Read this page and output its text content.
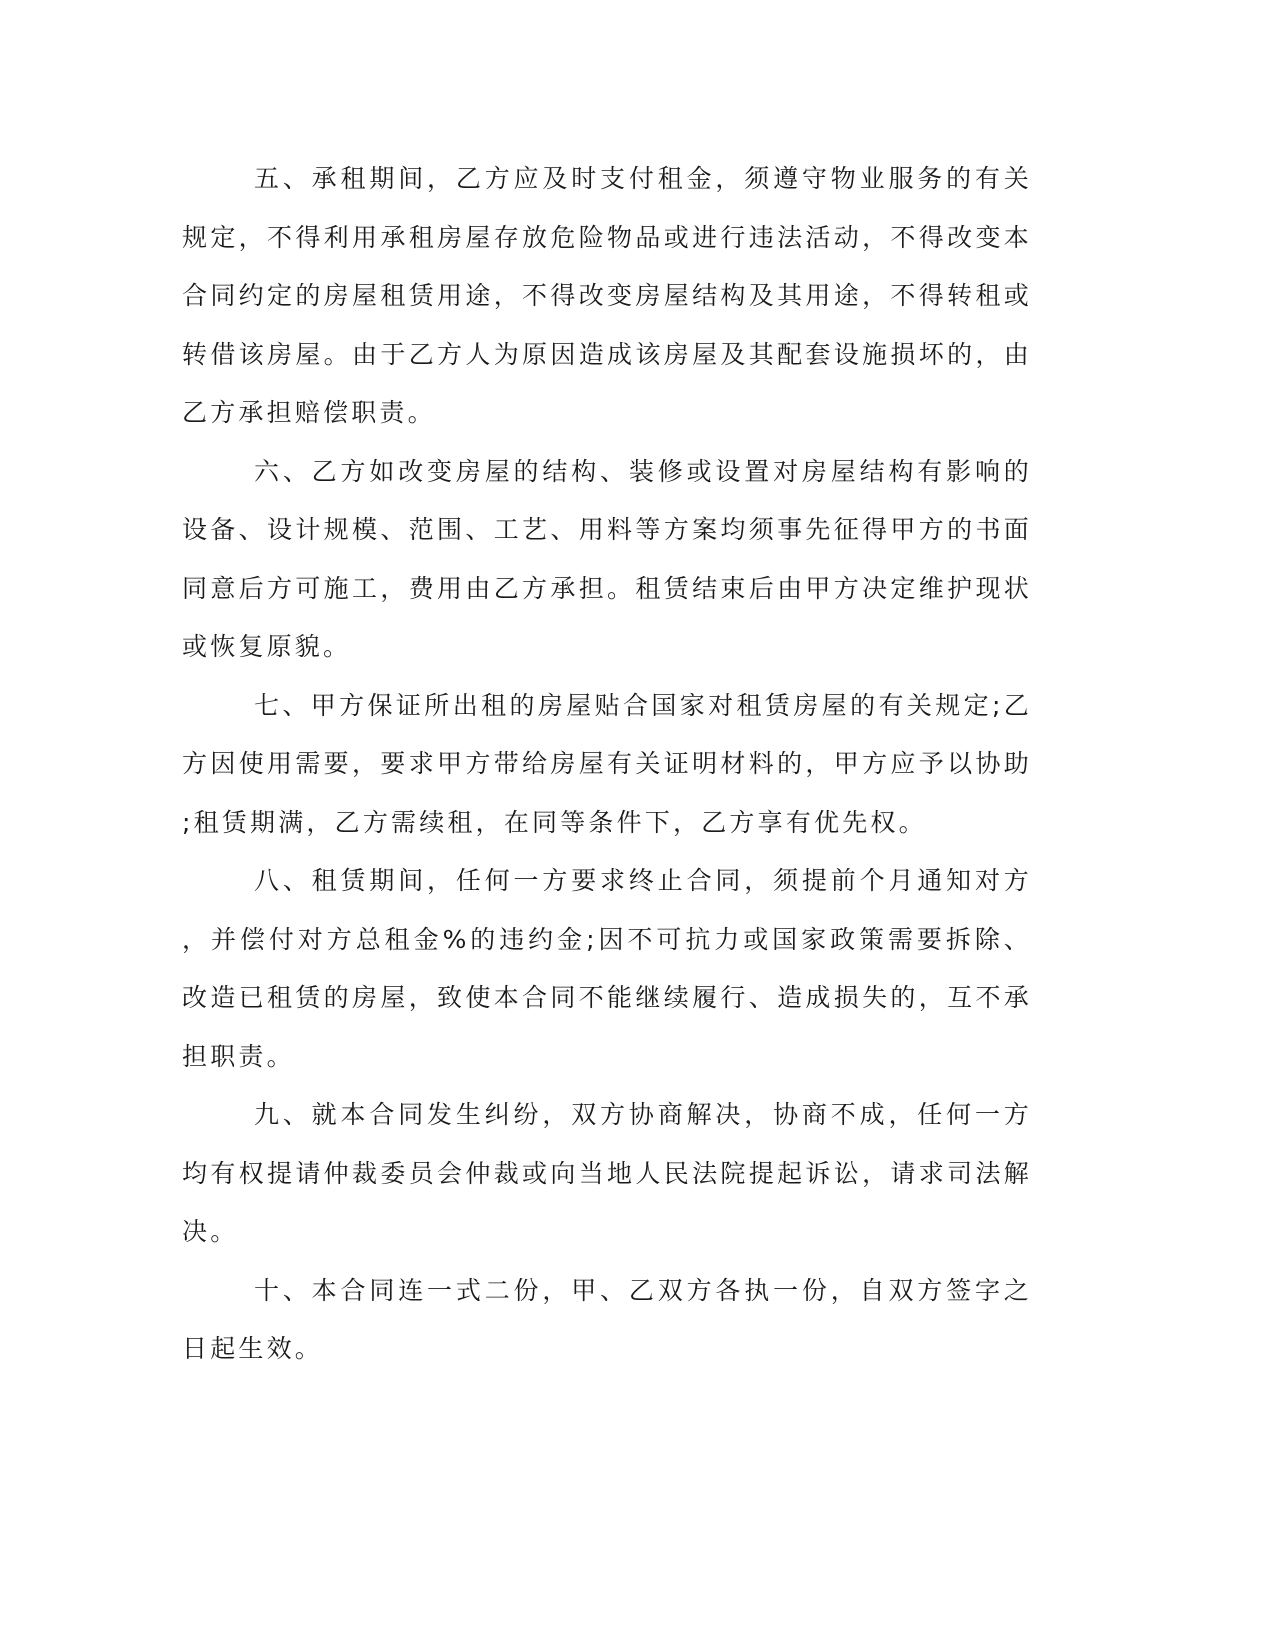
五、承租期间，乙方应及时支付租金，须遵守物业服务的有关规定，不得利用承租房屋存放危险物品或进行违法活动，不得改变本合同约定的房屋租赁用途，不得改变房屋结构及其用途，不得转租或转借该房屋。由于乙方人为原因造成该房屋及其配套设施损坏的，由乙方承担赔偿职责。

六、乙方如改变房屋的结构、装修或设置对房屋结构有影响的设备、设计规模、范围、工艺、用料等方案均须事先征得甲方的书面同意后方可施工，费用由乙方承担。租赁结束后由甲方决定维护现状或恢复原貌。

七、甲方保证所出租的房屋贴合国家对租赁房屋的有关规定;乙方因使用需要，要求甲方带给房屋有关证明材料的，甲方应予以协助;租赁期满，乙方需续租，在同等条件下，乙方享有优先权。

八、租赁期间，任何一方要求终止合同，须提前个月通知对方，并偿付对方总租金%的违约金;因不可抗力或国家政策需要拆除、改造已租赁的房屋，致使本合同不能继续履行、造成损失的，互不承担职责。

九、就本合同发生纠纷，双方协商解决，协商不成，任何一方均有权提请仲裁委员会仲裁或向当地人民法院提起诉讼，请求司法解决。

十、本合同连一式二份，甲、乙双方各执一份，自双方签字之日起生效。
